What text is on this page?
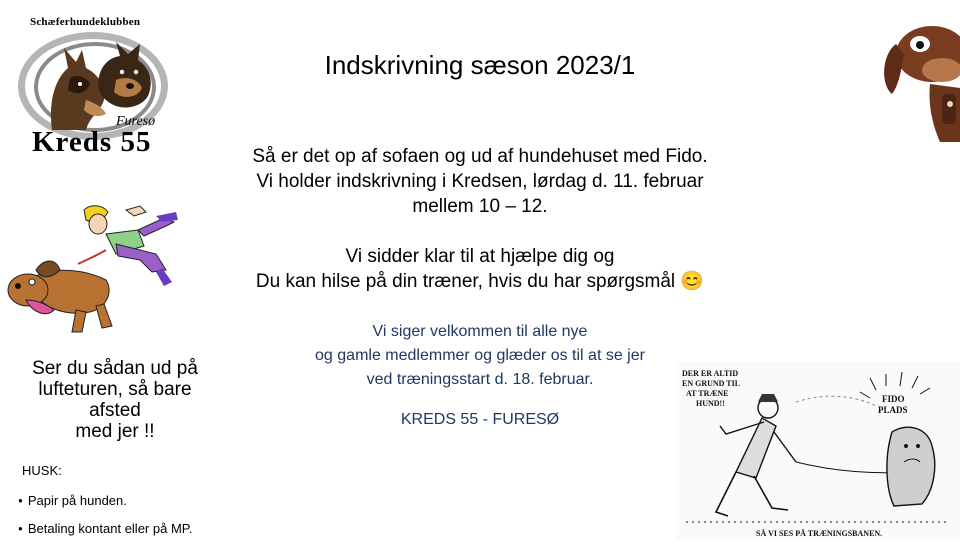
Schæferhundeklubben
Furesø
Kreds 55
DER ER ALTID EN GRUND TIL AT TRÆNE HUND!!	FIDO PLADS
SÅ VI SES PÅ TRÆNINGSBANEN.
Indskrivning sæson 2023/1
Så er det op af sofaen og ud af hundehuset med Fido.
Vi holder indskrivning i Kredsen, lørdag d. 11. februar
mellem 10 – 12.
Vi sidder klar til at hjælpe dig og
Du kan hilse på din træner, hvis du har spørgsmål 😊
Vi siger velkommen til alle nye
og gamle medlemmer og glæder os til at se jer
ved træningsstart d. 18. februar.
KREDS 55 - FURESØ
Ser du sådan ud på
lufteturen, så bare afsted
med jer !!
HUSK:
● Papir på hunden.
● Betaling kontant eller på MP.
